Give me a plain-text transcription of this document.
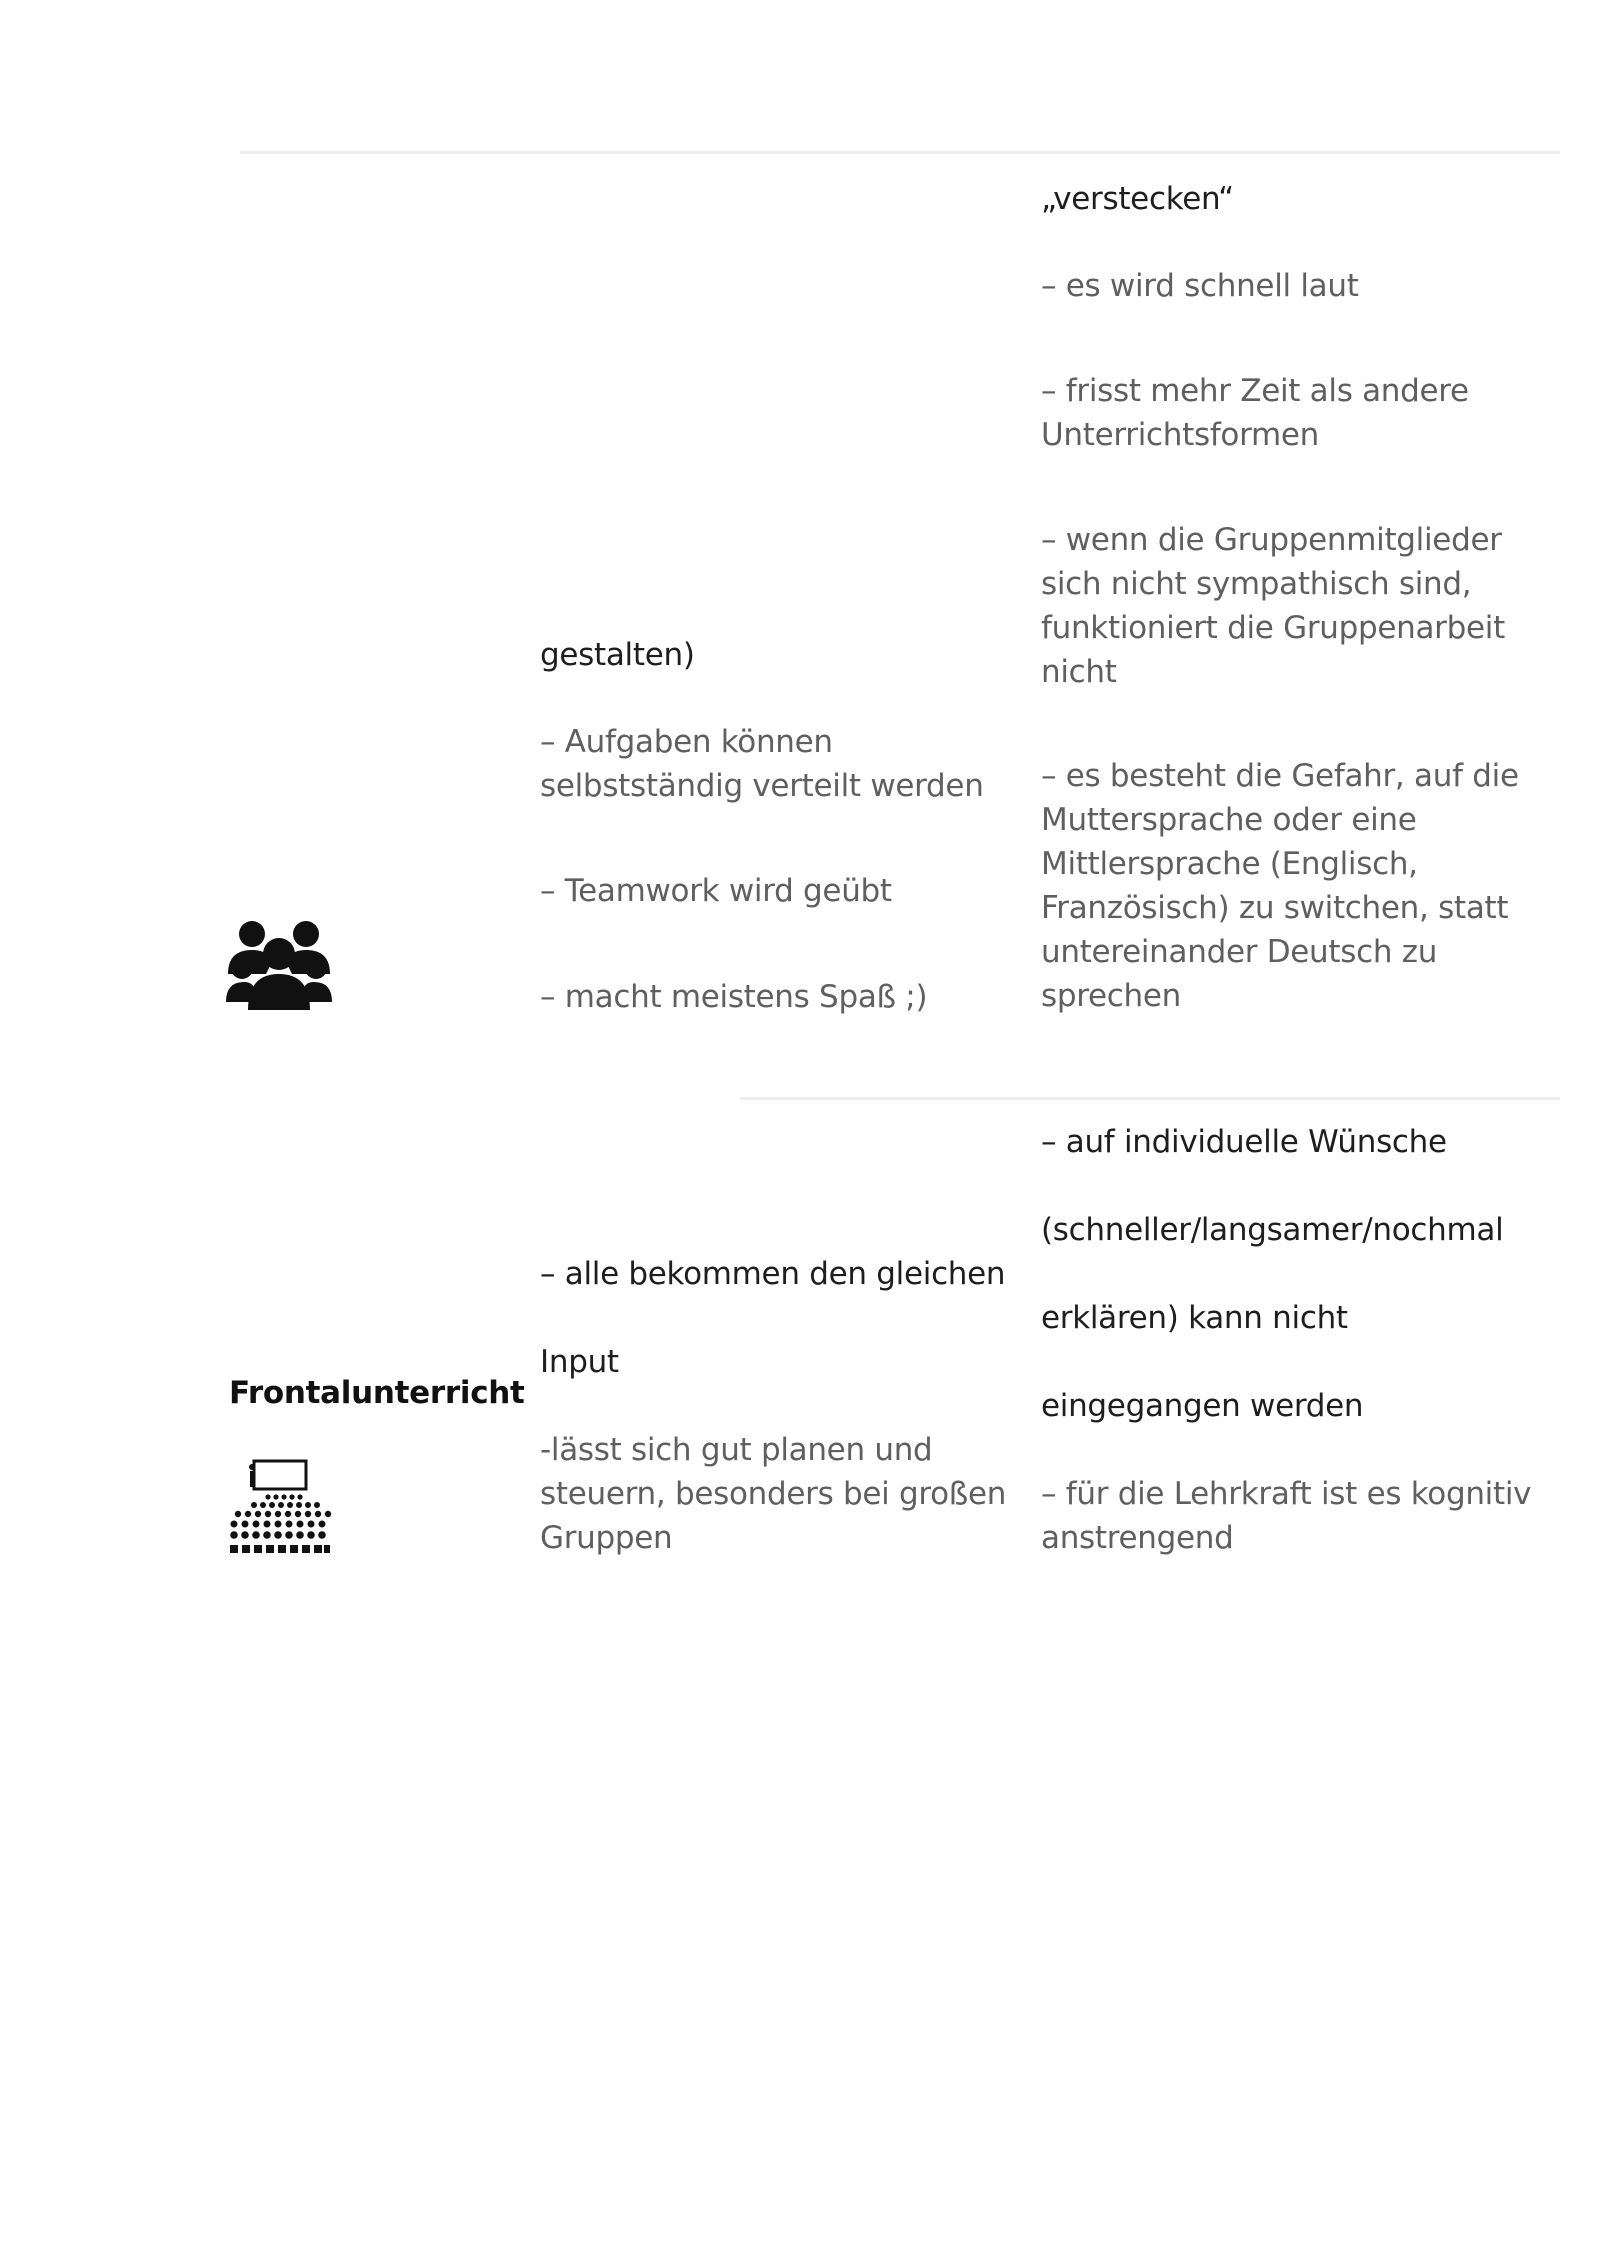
gestalten)
– Aufgaben können
selbstständig verteilt werden
– Teamwork wird geübt
– macht meistens Spaß ;)
„verstecken“
– es wird schnell laut
– frisst mehr Zeit als andere
Unterrichtsformen
– wenn die Gruppenmitglieder
sich nicht sympathisch sind,
funktioniert die Gruppenarbeit
nicht
– es besteht die Gefahr, auf die
Muttersprache oder eine
Mittlersprache (Englisch,
Französisch) zu switchen, statt
untereinander Deutsch zu
sprechen
Frontalunterricht
– alle bekommen den gleichen
Input
-lässt sich gut planen und
steuern, besonders bei großen
Gruppen
– auf individuelle Wünsche
(schneller/langsamer/nochmal
erklären) kann nicht
eingegangen werden
– für die Lehrkraft ist es kognitiv
anstrengend
